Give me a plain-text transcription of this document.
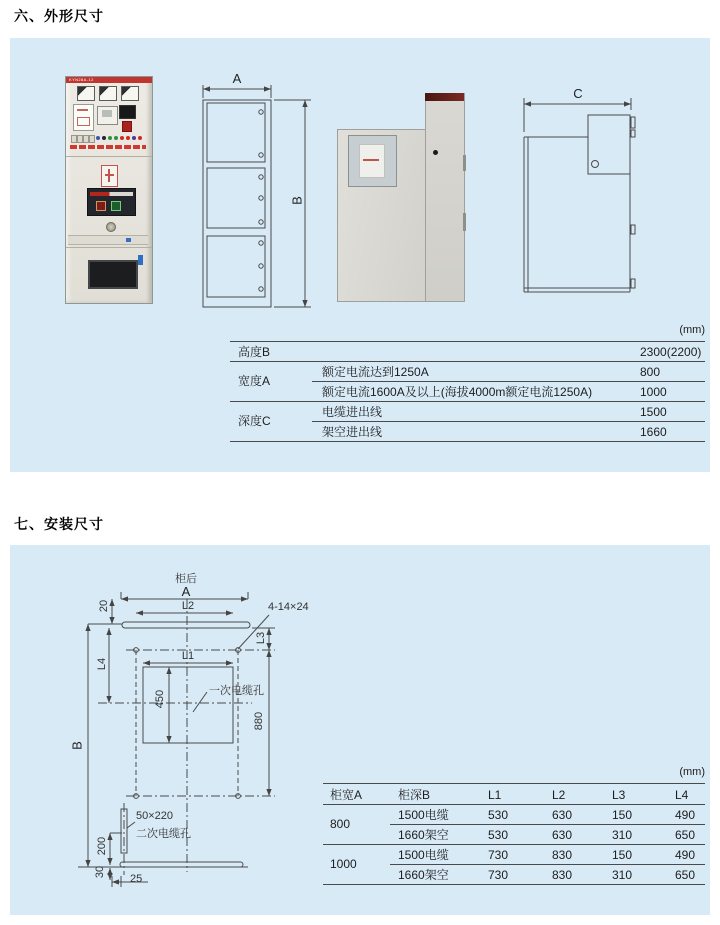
六、外形尺寸
KYN28A-12	A
B
C
(mm)
高度B	2300(2200)
宽度A
额定电流达到1250A	800
额定电流1600A及以上(海拔4000m额定电流1250A)	1000
深度C
电缆进出线	1500
架空进出线	1660
七、安装尺寸
柜后
A
20	L2	4-14×24
L3
L4
L1
450	一次电缆孔
880
B
50×220
二次电缆孔
200
30
25
(mm)
柜宽A	柜深B	L1	L2	L3	L4
800
1500电缆	530	630	150	490
1660架空	530	630	310	650
1000
1500电缆	730	830	150	490
1660架空	730	830	310	650
